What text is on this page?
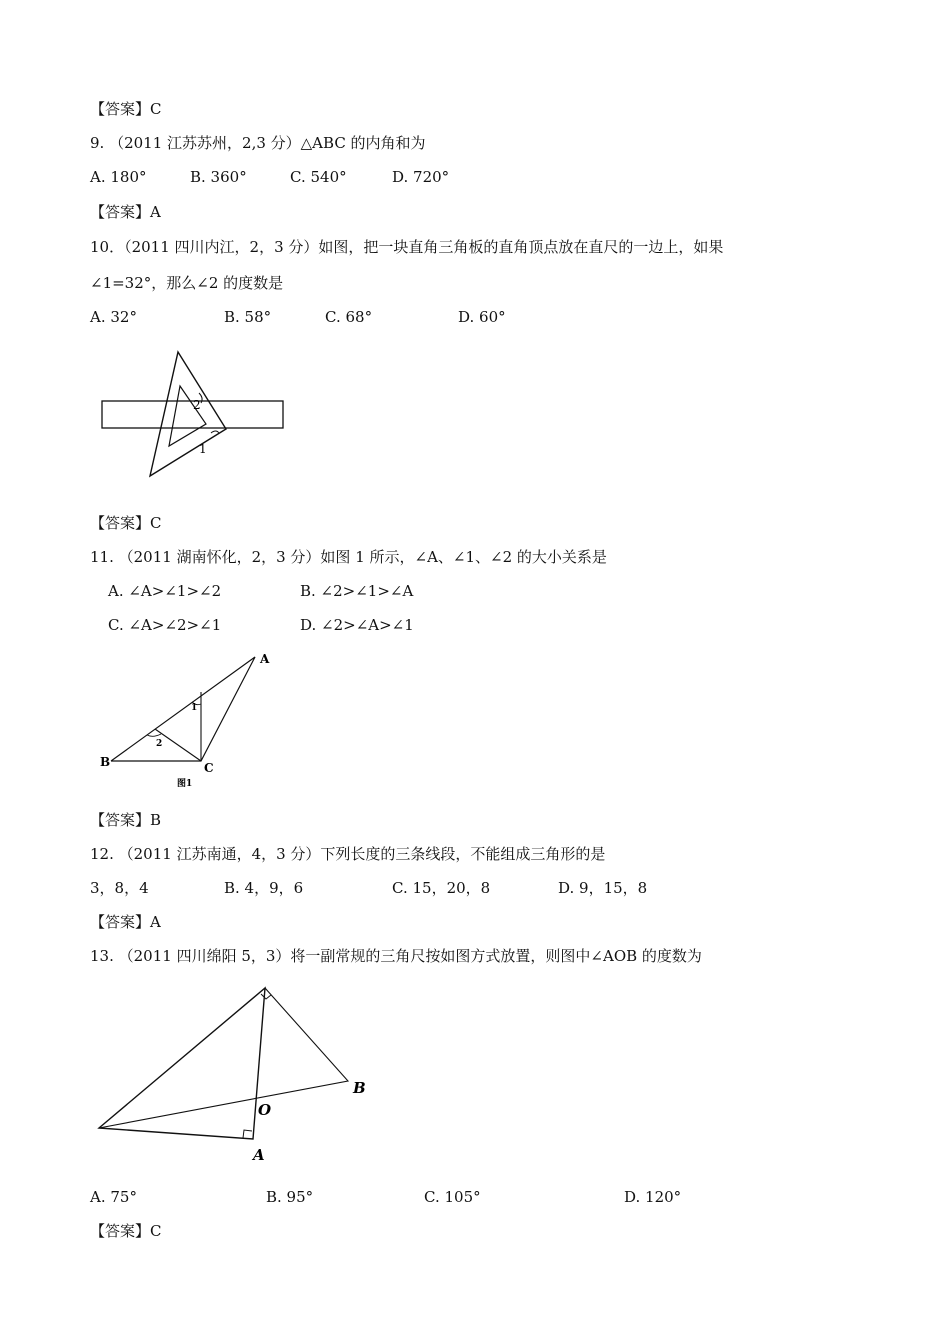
【答案】C
9. （2011 江苏苏州，2,3 分）△ABC 的内角和为
A. 180°	B. 360°	C. 540°	D. 720°
【答案】A
10．（2011 四川内江，2，3 分）如图，把一块直角三角板的直角顶点放在直尺的一边上，如果
∠1=32°，那么∠2 的度数是
A. 32°	B. 58°	C. 68°	D. 60°
2
1
【答案】C
11. （2011 湖南怀化，2，3 分）如图 1 所示，∠A、∠1、∠2 的大小关系是
A. ∠A>∠1>∠2	B. ∠2>∠1>∠A
C. ∠A>∠2>∠1	D. ∠2>∠A>∠1
A
B	C
1
2
图1
【答案】B
12. （2011 江苏南通，4，3 分）下列长度的三条线段，不能组成三角形的是
3，8，4	B. 4，9，6	C. 15，20，8	D. 9，15，8
【答案】A
13. （2011 四川绵阳 5，3）将一副常规的三角尺按如图方式放置，则图中∠AOB 的度数为
O
B
A
A. 75°	B. 95°	C. 105°	D. 120°
【答案】C
